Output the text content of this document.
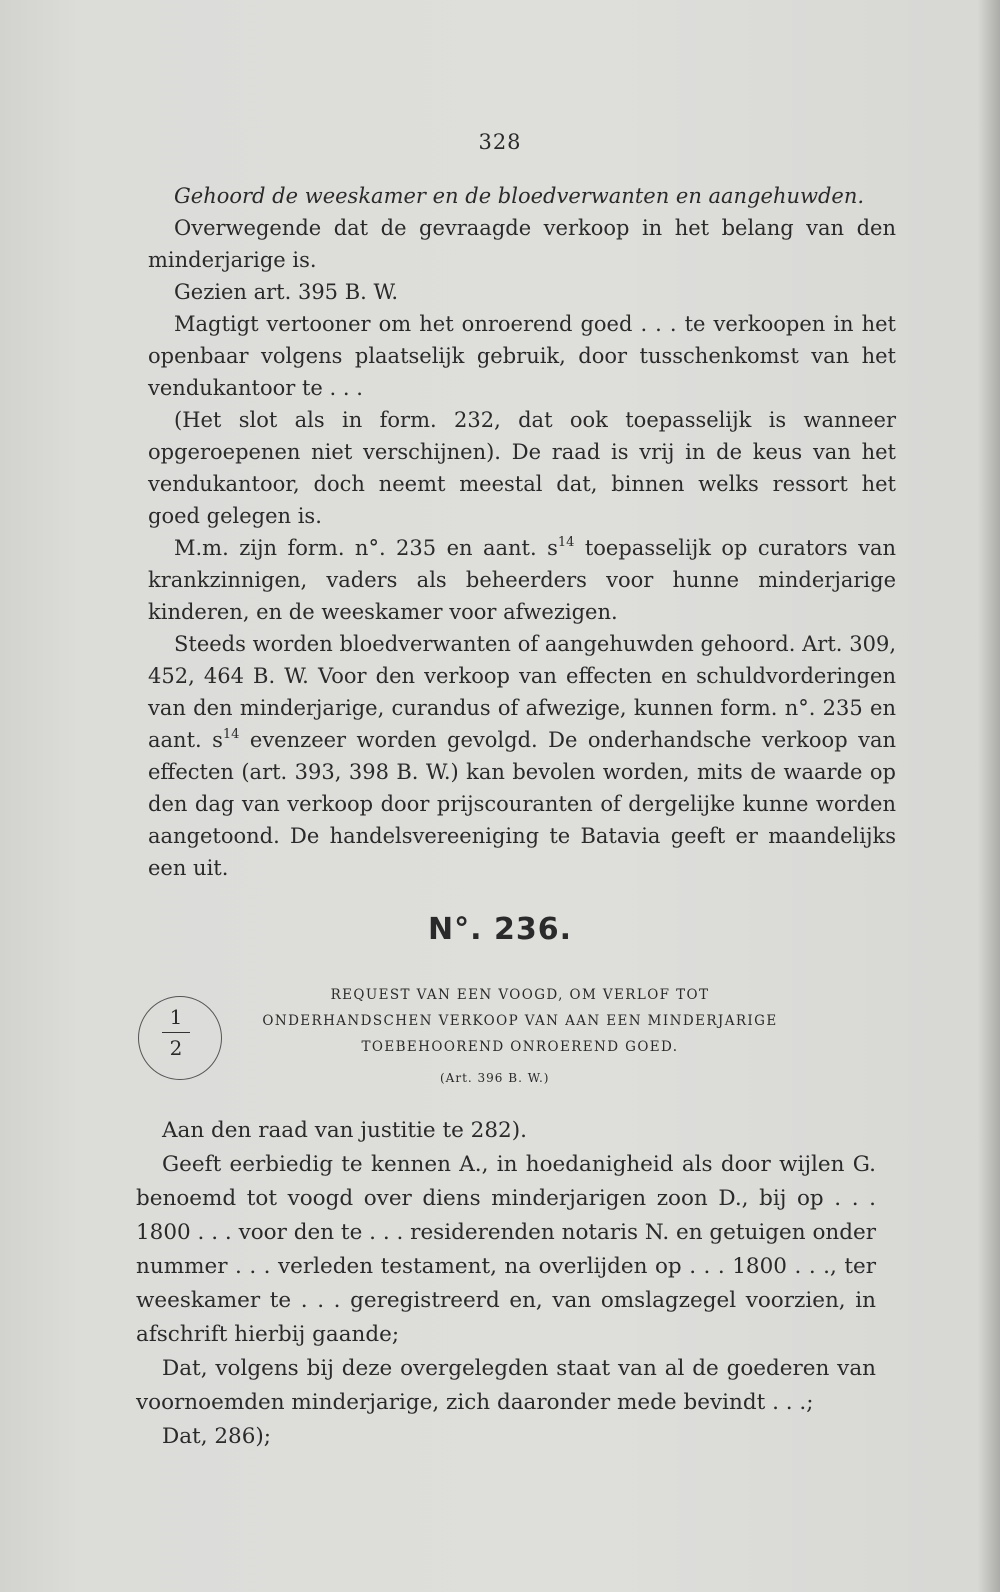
328

Gehoord de weeskamer en de bloedverwanten en aangehuwden.

Overwegende dat de gevraagde verkoop in het belang van den minderjarige is.

Gezien art. 395 B. W.

Magtigt vertooner om het onroerend goed . . . te verkoopen in het openbaar volgens plaatselijk gebruik, door tusschenkomst van het vendukantoor te . . .

(Het slot als in form. 232, dat ook toepasselijk is wanneer opgeroepenen niet verschijnen). De raad is vrij in de keus van het vendukantoor, doch neemt meestal dat, binnen welks ressort het goed gelegen is.

M.m. zijn form. n°. 235 en aant. $s^{14}$ toepasselijk op curators van krankzinnigen, vaders als beheerders voor hunne minderjarige kinderen, en de weeskamer voor afwezigen.

Steeds worden bloedverwanten of aangehuwden gehoord. Art. 309, 452, 464 B. W. Voor den verkoop van effecten en schuldvorderingen van den minderjarige, curandus of afwezige, kunnen form. n°. 235 en aant. $s^{14}$ evenzeer worden gevolgd. De onderhandsche verkoop van effecten (art. 393, 398 B. W.) kan bevolen worden, mits de waarde op den dag van verkoop door prijscouranten of dergelijke kunne worden aangetoond. De handelsvereeniging te Batavia geeft er maandelijks een uit.

N°. 236.
REQUEST VAN EEN VOOGD, OM VERLOF TOT
ONDERHANDSCHEN VERKOOP VAN AAN EEN MINDERJARIGE
TOEBEHOOREND ONROEREND GOED.
1
2
(Art. 396 B. W.)

Aan den raad van justitie te 282).

Geeft eerbiedig te kennen A., in hoedanigheid als door wijlen G. benoemd tot voogd over diens minderjarigen zoon D., bij op . . . 1800 . . . voor den te . . . residerenden notaris N. en getuigen onder nummer . . . verleden testament, na overlijden op . . . 1800 . . ., ter weeskamer te . . . geregistreerd en, van omslagzegel voorzien, in afschrift hierbij gaande;

Dat, volgens bij deze overgelegden staat van al de goederen van voornoemden minderjarige, zich daaronder mede bevindt . . .;

Dat, 286);
